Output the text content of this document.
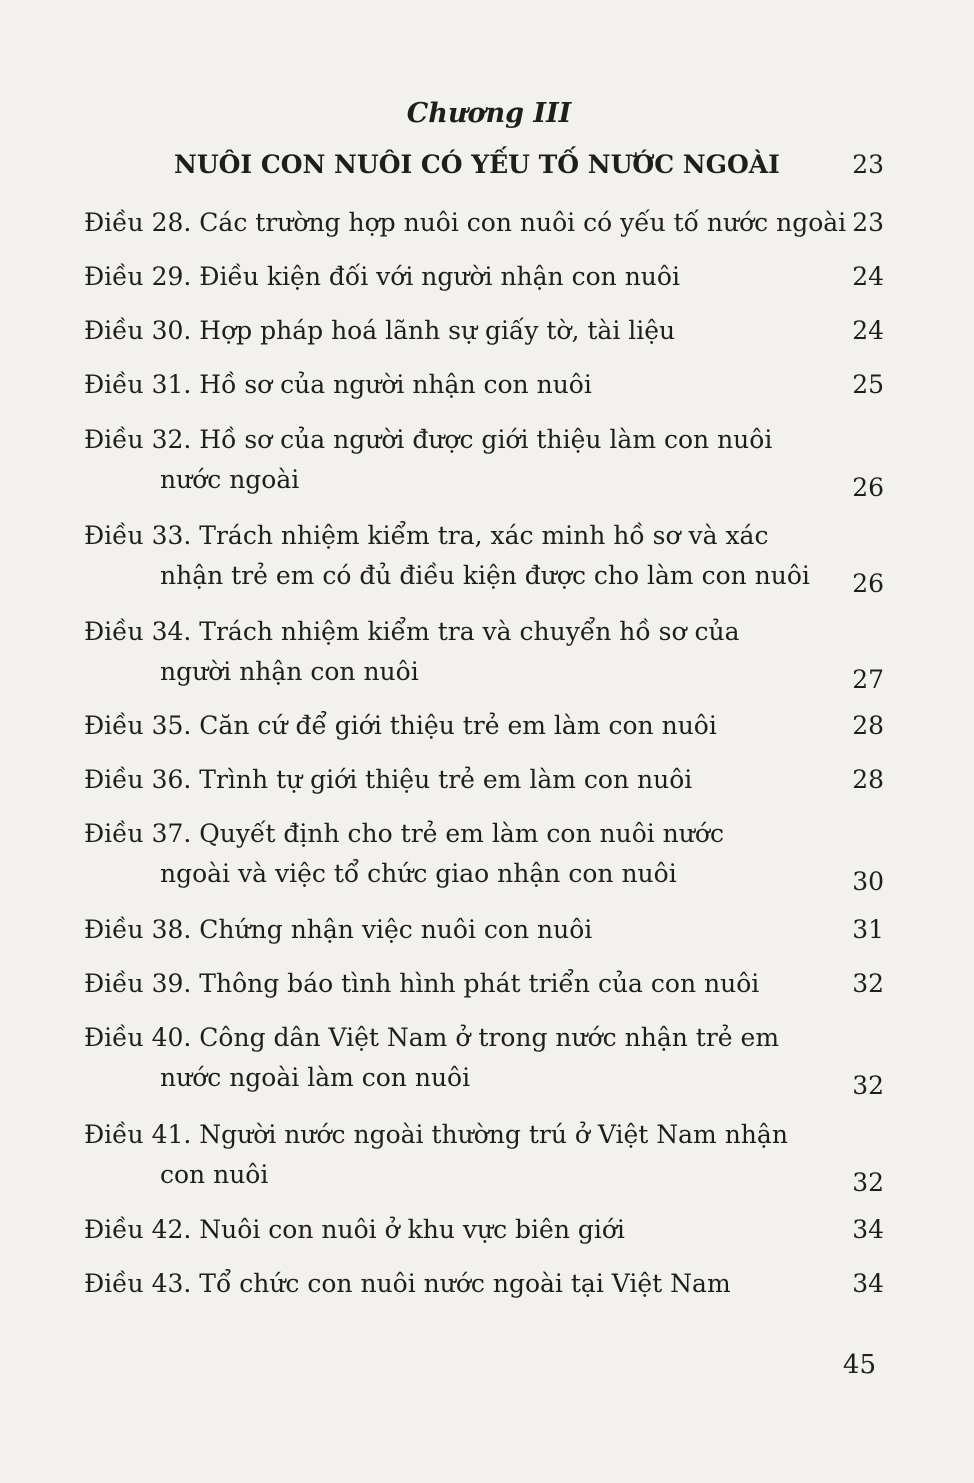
Chương III
NUÔI CON NUÔI CÓ YẾU TỐ NƯỚC NGOÀI	23
Điều 28. Các trường hợp nuôi con nuôi có yếu tố nước ngoài 23
Điều 29. Điều kiện đối với người nhận con nuôi	24
Điều 30. Hợp pháp hoá lãnh sự giấy tờ, tài liệu	24
Điều 31. Hồ sơ của người nhận con nuôi	25
Điều 32. Hồ sơ của người được giới thiệu làm con nuôi
nước ngoài	26
Điều 33. Trách nhiệm kiểm tra, xác minh hồ sơ và xác
nhận trẻ em có đủ điều kiện được cho làm con nuôi	26
Điều 34. Trách nhiệm kiểm tra và chuyển hồ sơ của
người nhận con nuôi	27
Điều 35. Căn cứ để giới thiệu trẻ em làm con nuôi	28
Điều 36. Trình tự giới thiệu trẻ em làm con nuôi	28
Điều 37. Quyết định cho trẻ em làm con nuôi nước
ngoài và việc tổ chức giao nhận con nuôi	30
Điều 38. Chứng nhận việc nuôi con nuôi	31
Điều 39. Thông báo tình hình phát triển của con nuôi	32
Điều 40. Công dân Việt Nam ở trong nước nhận trẻ em
nước ngoài làm con nuôi	32
Điều 41. Người nước ngoài thường trú ở Việt Nam nhận
con nuôi	32
Điều 42. Nuôi con nuôi ở khu vực biên giới	34
Điều 43. Tổ chức con nuôi nước ngoài tại Việt Nam	34
45
